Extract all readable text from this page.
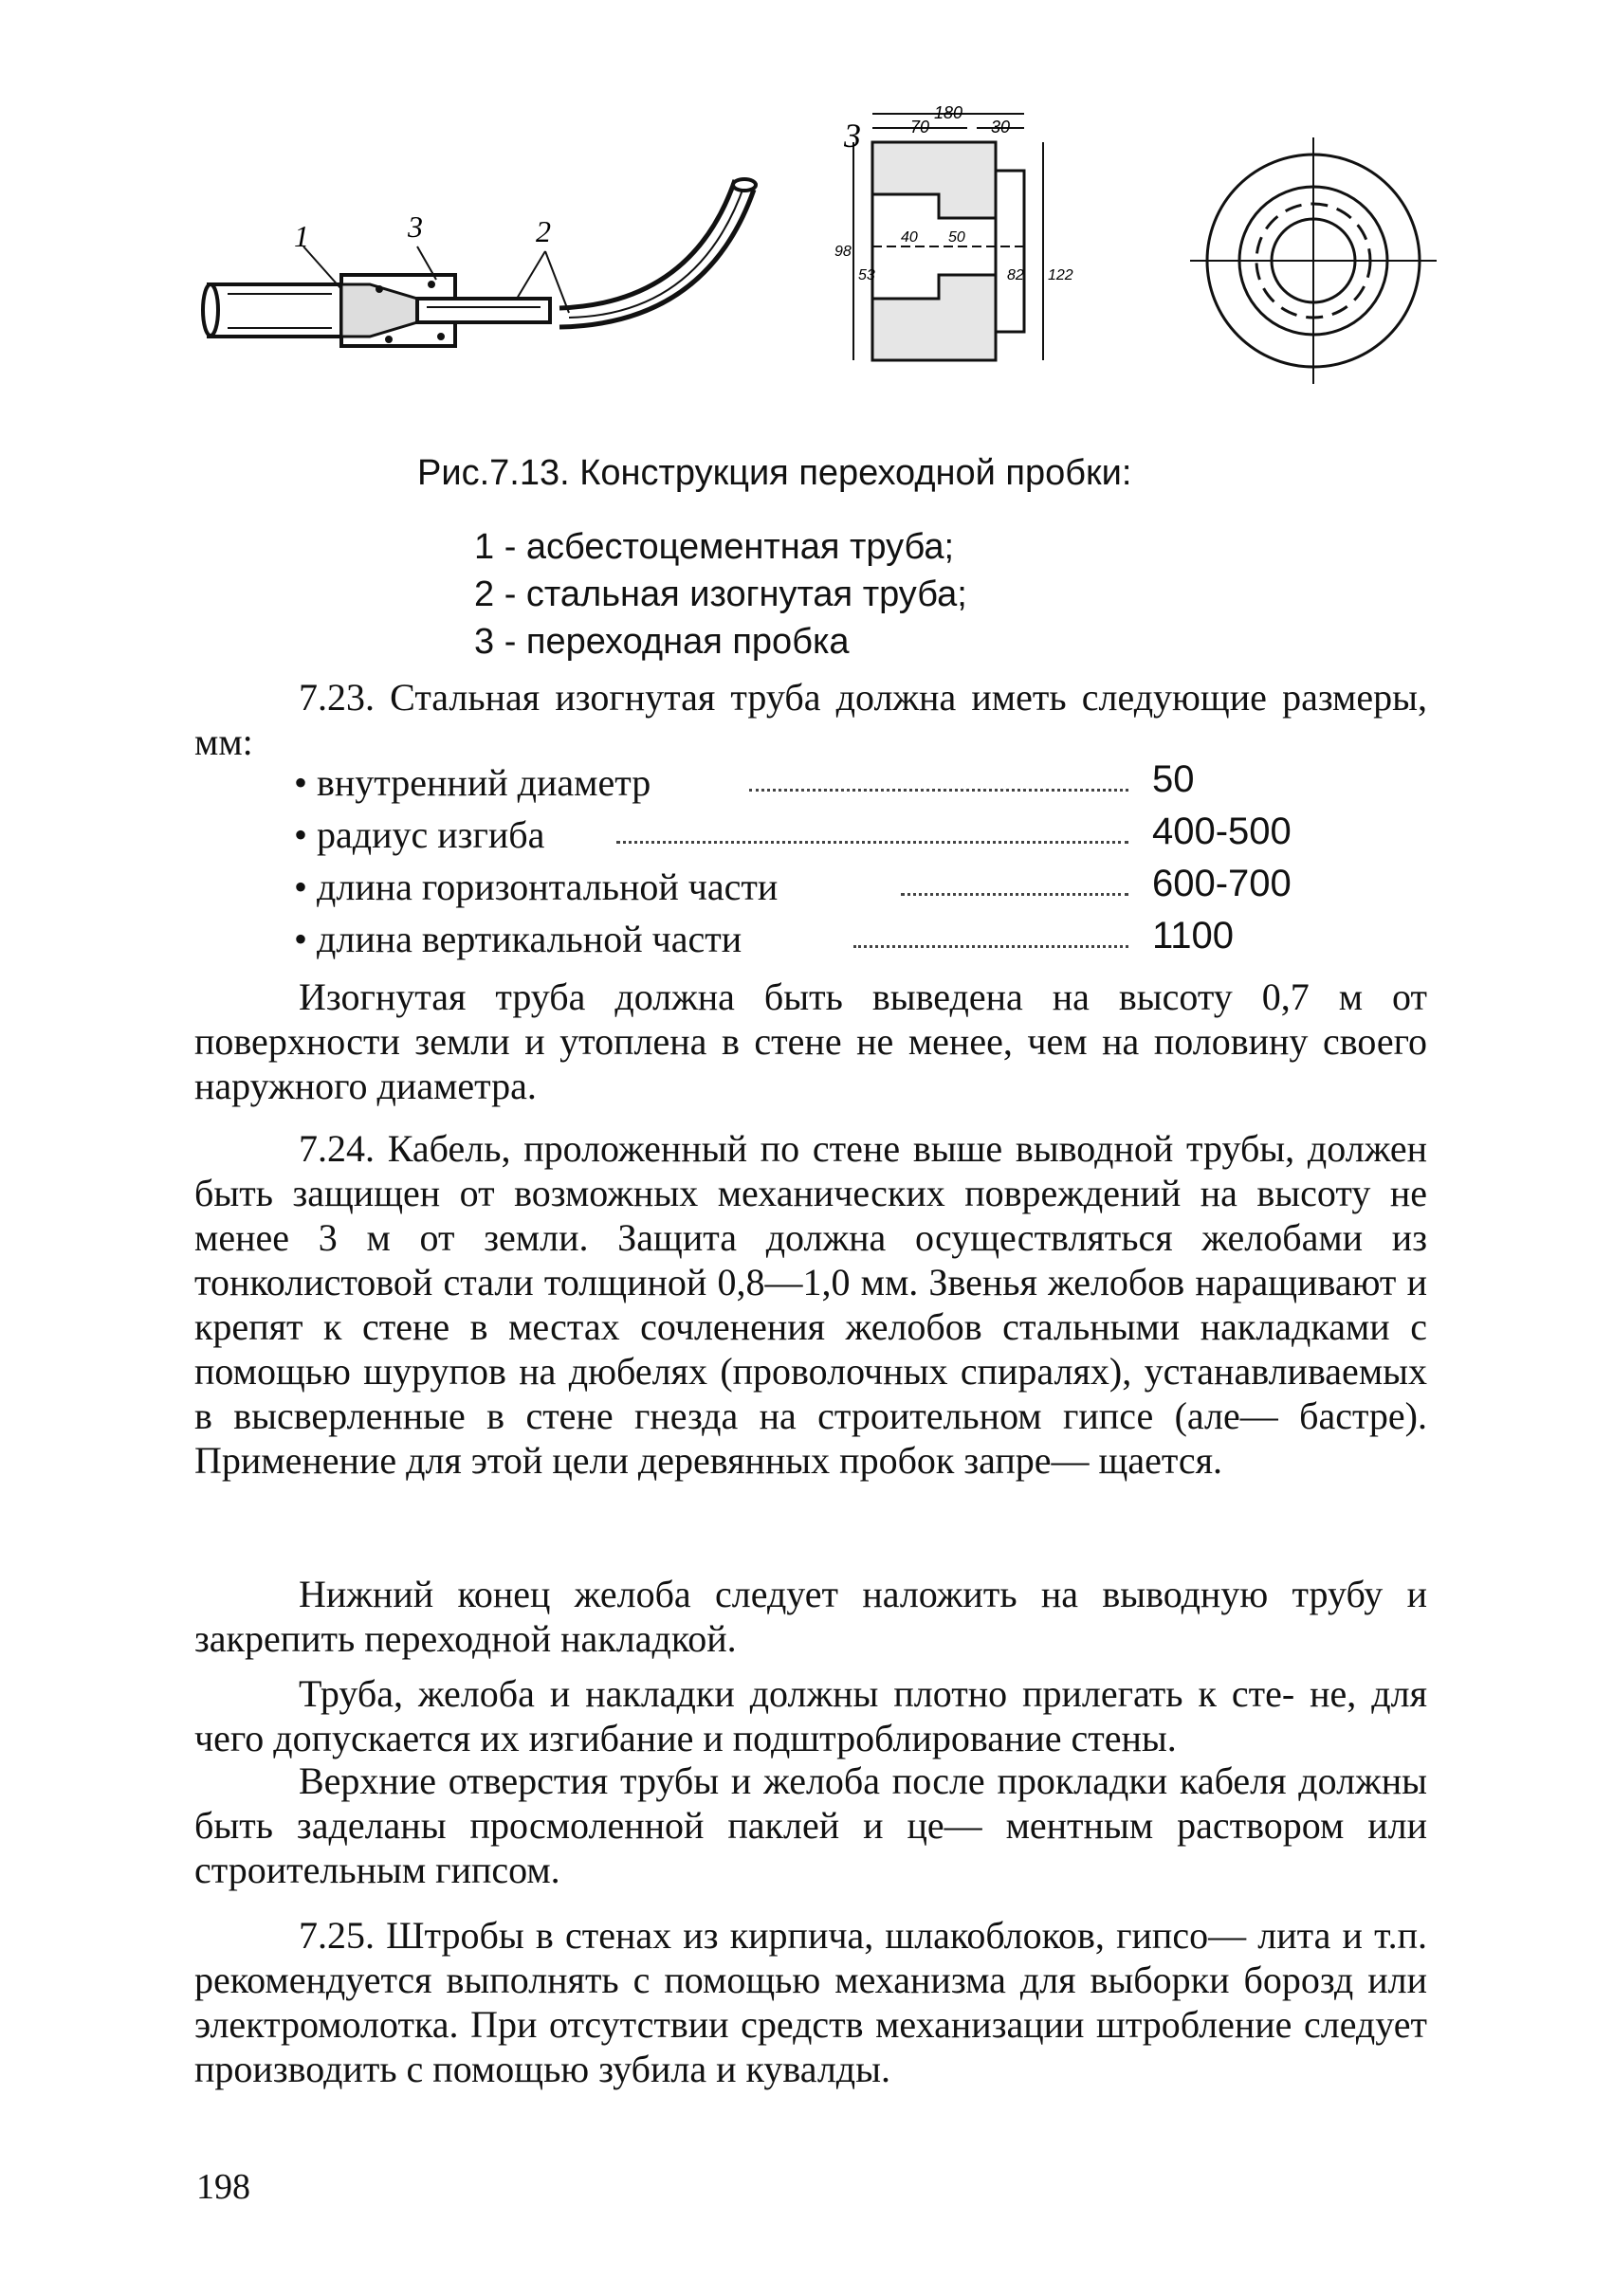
1	3	2
3
180
70	30
40 50
98
53	82 122
Рис.7.13. Конструкция переходной пробки:
1 - асбестоцементная труба;
2 - стальная изогнутая труба;
3 - переходная пробка
7.23. Стальная изогнутая труба должна иметь следующие размеры, мм:
• внутренний диаметр	50
• радиус изгиба	400-500
• длина горизонтальной части	600-700
• длина вертикальной части	1100
Изогнутая труба должна быть выведена на высоту 0,7 м от поверхности земли и утоплена в стене не менее, чем на половину своего наружного диаметра.
7.24. Кабель, проложенный по стене выше выводной трубы, должен быть защищен от возможных механических повреждений на высоту не менее 3 м от земли. Защита должна осуществляться желобами из тонколистовой стали толщиной 0,8—1,0 мм. Звенья желобов наращивают и крепят к стене в местах сочленения желобов стальными накладками с помощью шурупов на дюбелях (проволочных спиралях), устанавливаемых в высверленные в стене гнезда на строительном гипсе (але— бастре). Применение для этой цели деревянных пробок запре— щается.
Нижний конец желоба следует наложить на выводную трубу и закрепить переходной накладкой.
Труба, желоба и накладки должны плотно прилегать к сте- не, для чего допускается их изгибание и подштроблирование стены.
Верхние отверстия трубы и желоба после прокладки кабеля должны быть заделаны просмоленной паклей и це— ментным раствором или строительным гипсом.
7.25. Штробы в стенах из кирпича, шлакоблоков, гипсо— лита и т.п. рекомендуется выполнять с помощью механизма для выборки борозд или электромолотка. При отсутствии средств механизации штробление следует производить с помощью зубила и кувалды.
198
